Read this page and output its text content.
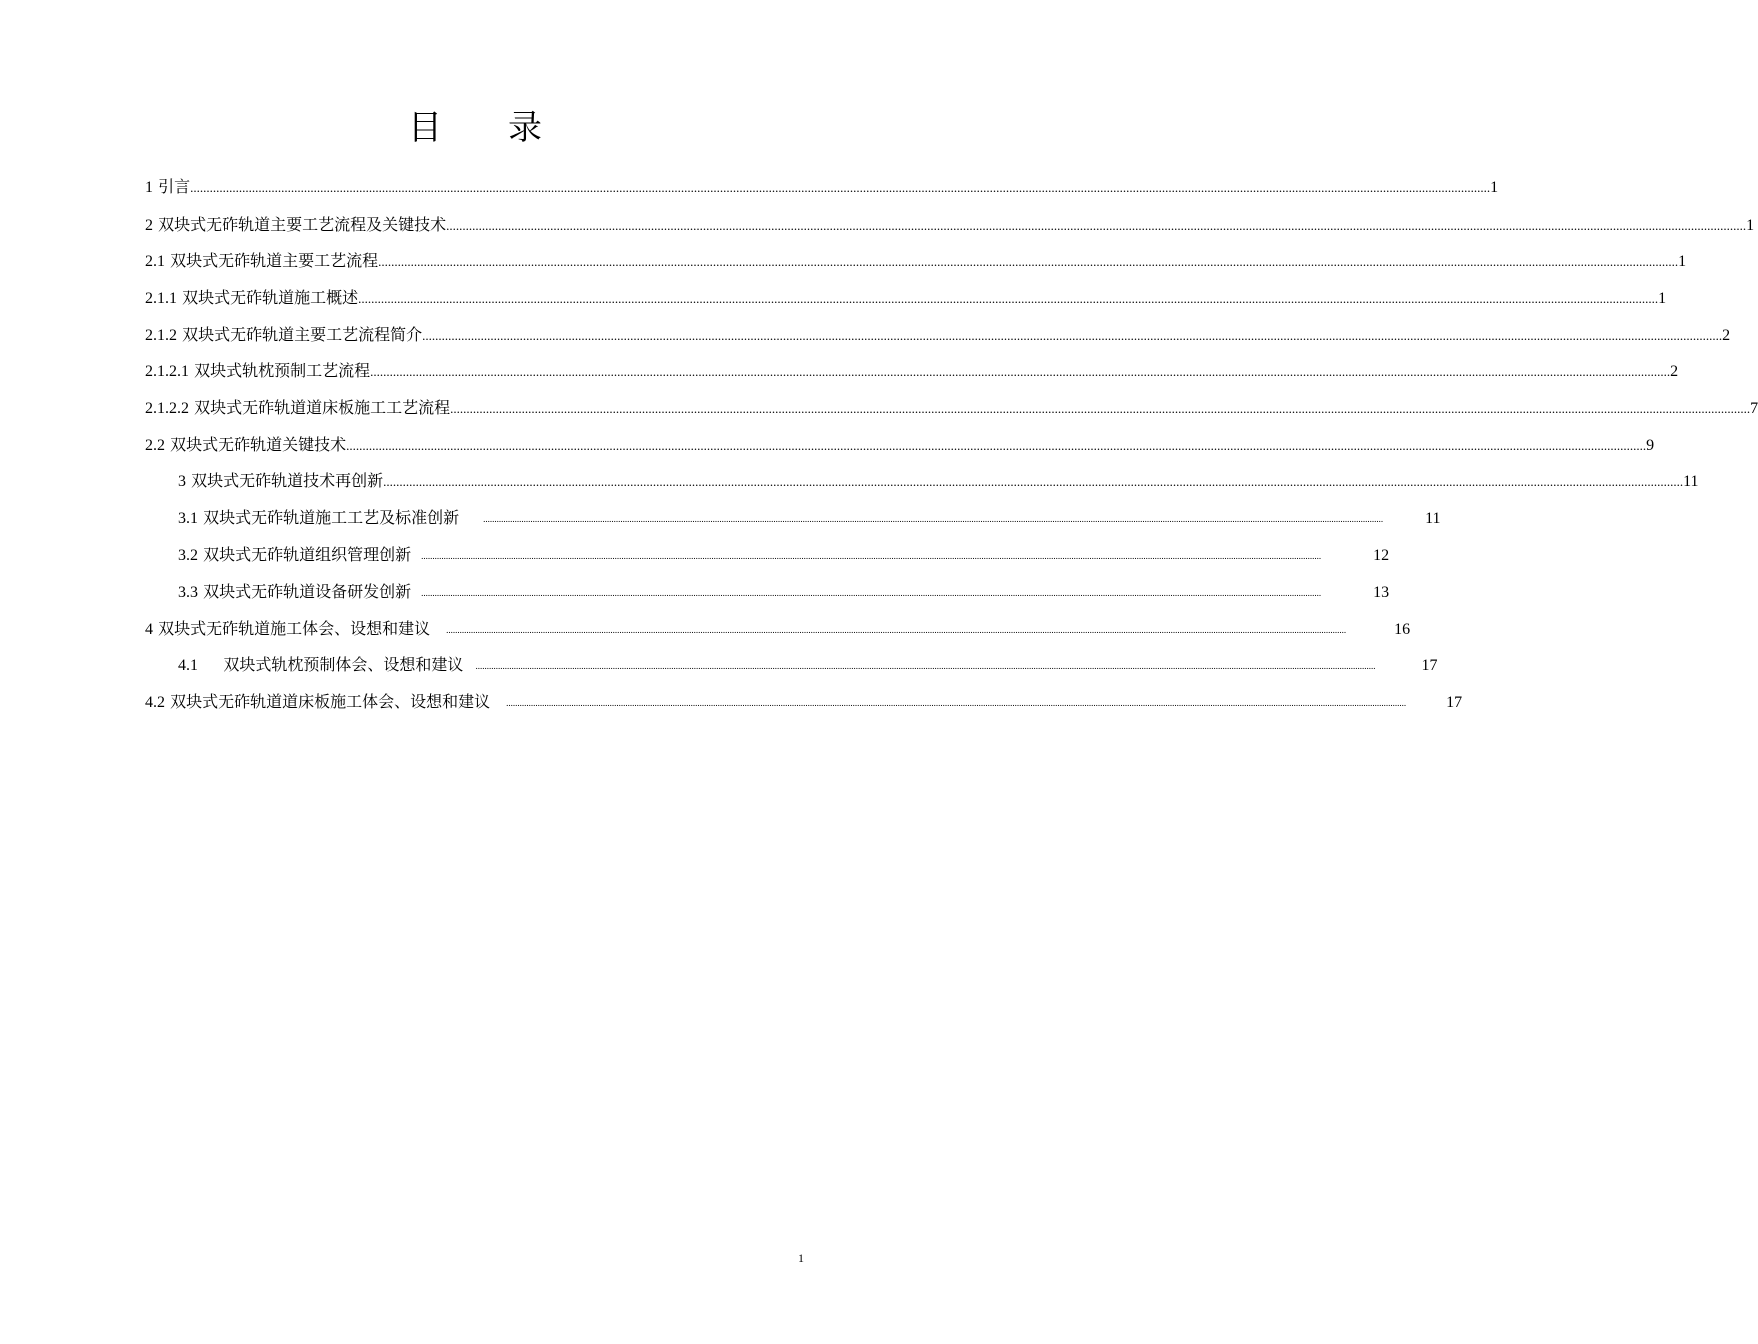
目 录
1 引言 ................................................................................................................................................................................................................................................................................................................................................................................................................ 1
2 双块式无砟轨道主要工艺流程及关键技术 ................................................................................................................................................................................................................................................................................................................................................................................................................ 1
2.1 双块式无砟轨道主要工艺流程 ................................................................................................................................................................................................................................................................................................................................................................................................................ 1
2.1.1 双块式无砟轨道施工概述 ................................................................................................................................................................................................................................................................................................................................................................................................................ 1
2.1.2 双块式无砟轨道主要工艺流程简介 ................................................................................................................................................................................................................................................................................................................................................................................................................ 2
2.1.2.1 双块式轨枕预制工艺流程 ................................................................................................................................................................................................................................................................................................................................................................................................................ 2
2.1.2.2 双块式无砟轨道道床板施工工艺流程 ................................................................................................................................................................................................................................................................................................................................................................................................................ 7
2.2 双块式无砟轨道关键技术 ................................................................................................................................................................................................................................................................................................................................................................................................................ 9
3 双块式无砟轨道技术再创新 ................................................................................................................................................................................................................................................................................................................................................................................................................ 11
3.1 双块式无砟轨道施工工艺及标准创新	................................................................................................................................................................................................................................................................................................................................................................................................................	11
3.2 双块式无砟轨道组织管理创新 ................................................................................................................................................................................................................................................................................................................................................................................................................	12
3.3 双块式无砟轨道设备研发创新 ................................................................................................................................................................................................................................................................................................................................................................................................................	13
4 双块式无砟轨道施工体会、设想和建议 ................................................................................................................................................................................................................................................................................................................................................................................................................	16
4.1     双块式轨枕预制体会、设想和建议 ................................................................................................................................................................................................................................................................................................................................................................................................................	17
4.2 双块式无砟轨道道床板施工体会、设想和建议 ................................................................................................................................................................................................................................................................................................................................................................................................................	17
1
